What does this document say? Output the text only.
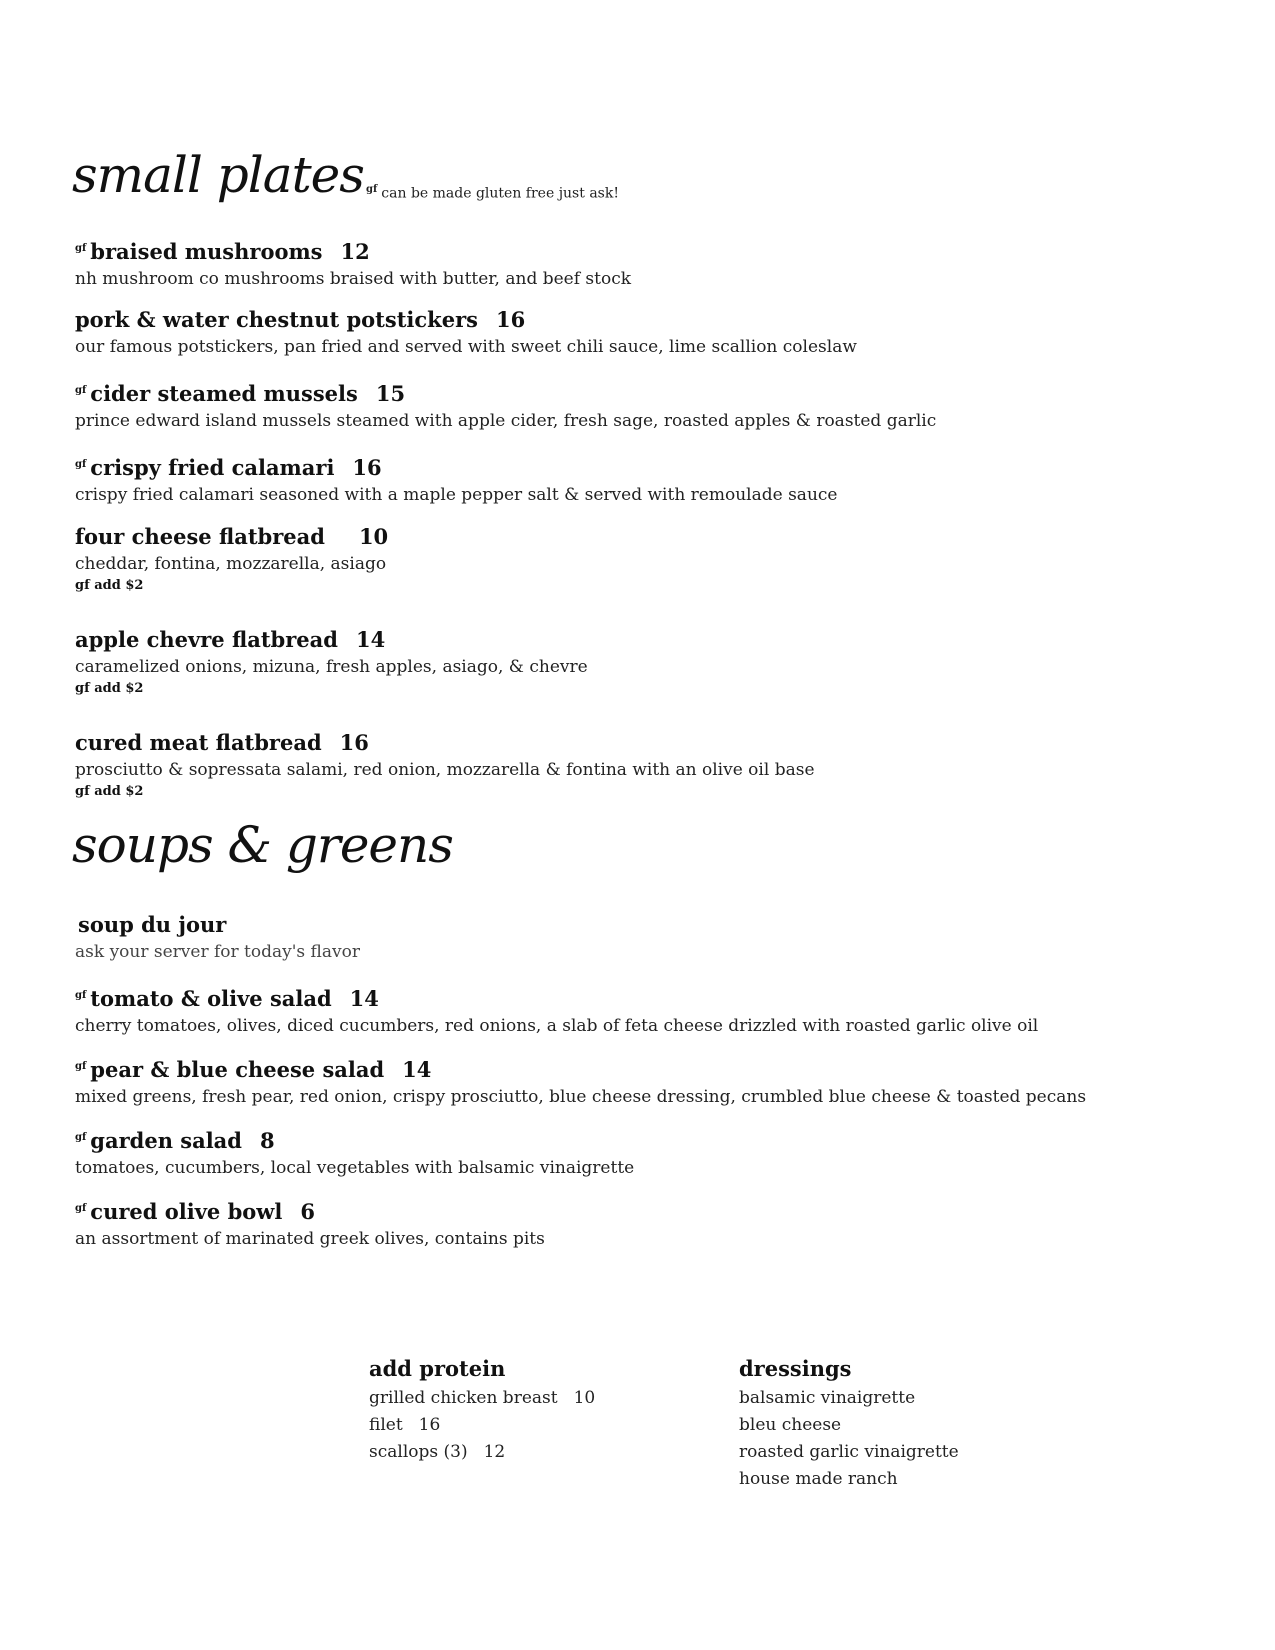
small plates $^{gf}$ can be made gluten free just ask!
$^{gf}$ braised mushrooms 12
nh mushroom co mushrooms braised with butter, and beef stock
pork & water chestnut potstickers 16
our famous potstickers, pan fried and served with sweet chili sauce, lime scallion coleslaw
$^{gf}$ cider steamed mussels 15
prince edward island mussels steamed with apple cider, fresh sage, roasted apples & roasted garlic
$^{gf}$ crispy fried calamari 16
crispy fried calamari seasoned with a maple pepper salt & served with remoulade sauce
four cheese flatbread 10
cheddar, fontina, mozzarella, asiago
gf add $2
apple chevre flatbread 14
caramelized onions, mizuna, fresh apples, asiago, & chevre
gf add $2
cured meat flatbread 16
prosciutto & sopressata salami, red onion, mozzarella & fontina with an olive oil base
gf add $2
soups & greens
soup du jour
ask your server for today's flavor
$^{gf}$ tomato & olive salad 14
cherry tomatoes, olives, diced cucumbers, red onions, a slab of feta cheese drizzled with roasted garlic olive oil
$^{gf}$ pear & blue cheese salad 14
mixed greens, fresh pear, red onion, crispy prosciutto, blue cheese dressing, crumbled blue cheese & toasted pecans
$^{gf}$ garden salad 8
tomatoes, cucumbers, local vegetables with balsamic vinaigrette
$^{gf}$ cured olive bowl 6
an assortment of marinated greek olives, contains pits
add protein
grilled chicken breast 10
filet 16
scallops (3) 12
dressings
balsamic vinaigrette
bleu cheese
roasted garlic vinaigrette
house made ranch
